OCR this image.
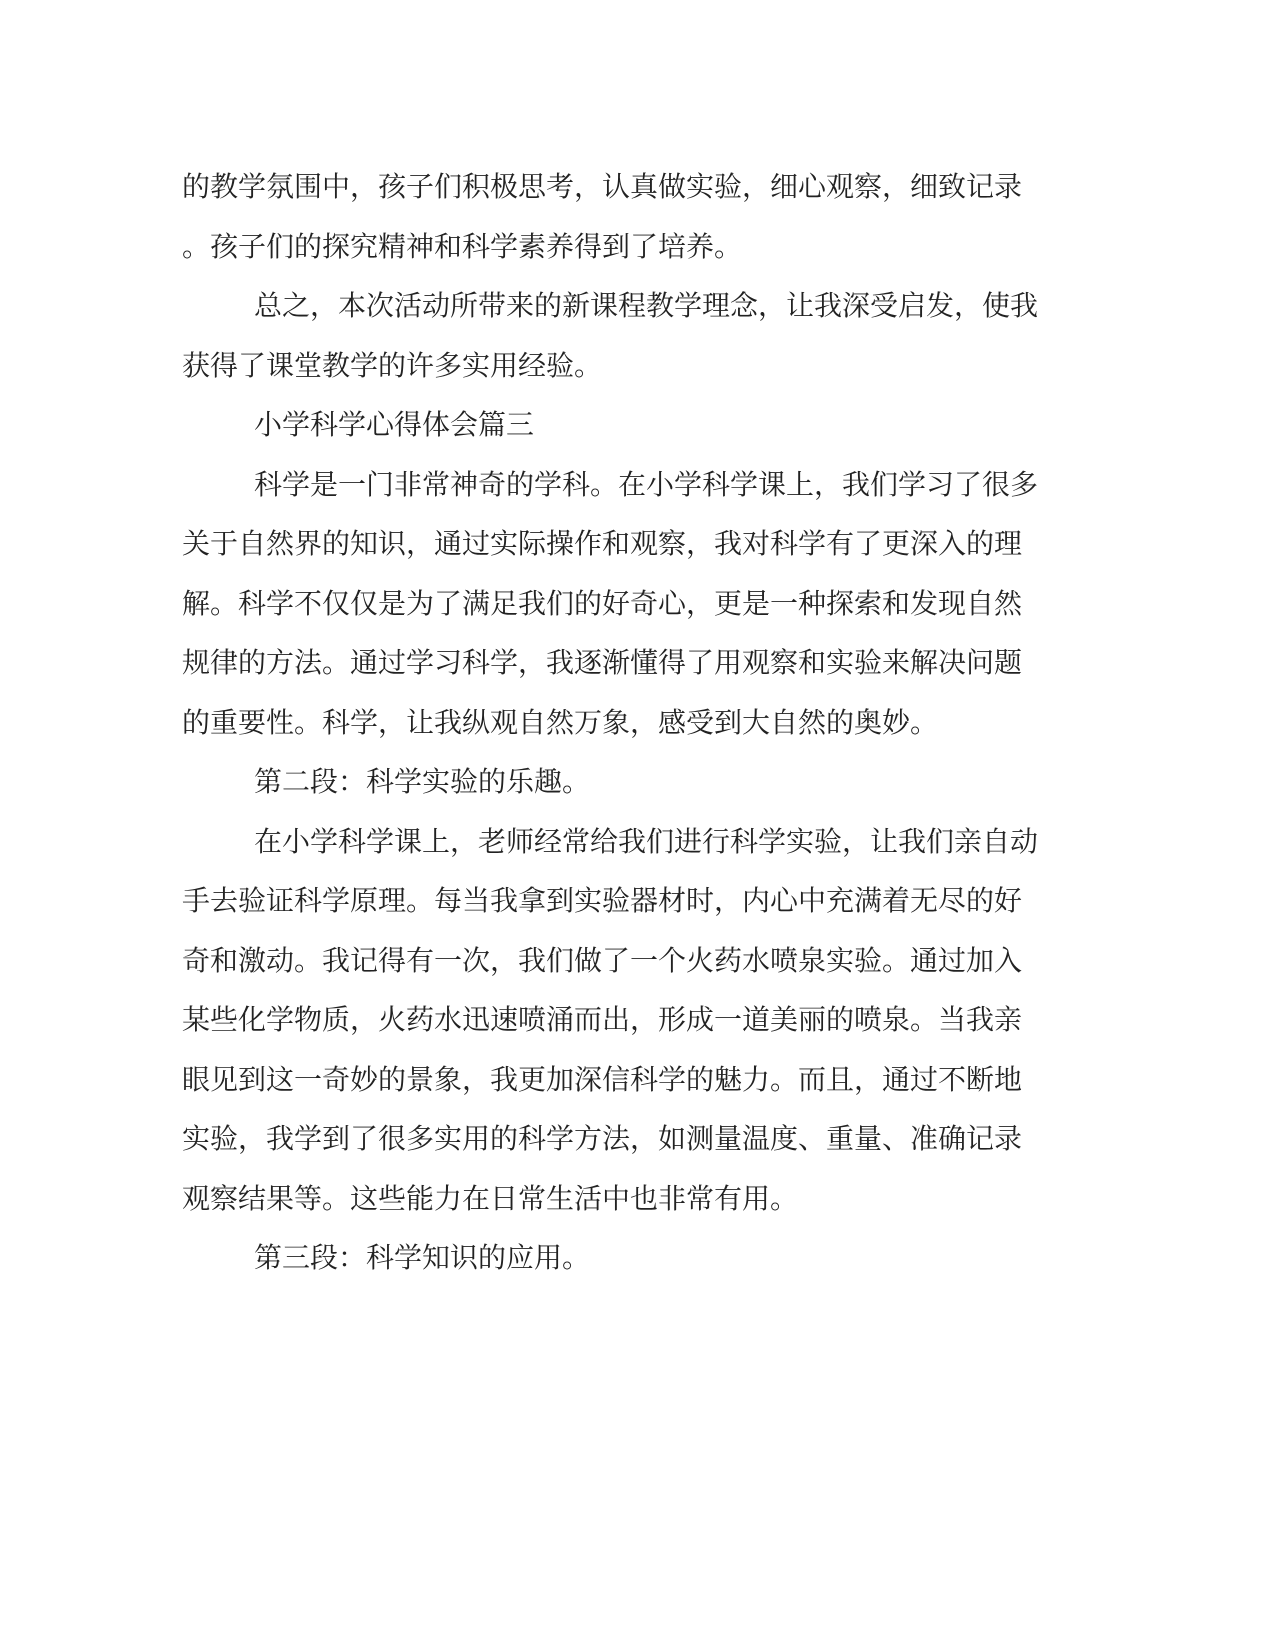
的教学氛围中，孩子们积极思考，认真做实验，细心观察，细致记录
。孩子们的探究精神和科学素养得到了培养。
总之，本次活动所带来的新课程教学理念，让我深受启发，使我
获得了课堂教学的许多实用经验。
小学科学心得体会篇三
科学是一门非常神奇的学科。在小学科学课上，我们学习了很多
关于自然界的知识，通过实际操作和观察，我对科学有了更深入的理
解。科学不仅仅是为了满足我们的好奇心，更是一种探索和发现自然
规律的方法。通过学习科学，我逐渐懂得了用观察和实验来解决问题
的重要性。科学，让我纵观自然万象，感受到大自然的奥妙。
第二段：科学实验的乐趣。
在小学科学课上，老师经常给我们进行科学实验，让我们亲自动
手去验证科学原理。每当我拿到实验器材时，内心中充满着无尽的好
奇和激动。我记得有一次，我们做了一个火药水喷泉实验。通过加入
某些化学物质，火药水迅速喷涌而出，形成一道美丽的喷泉。当我亲
眼见到这一奇妙的景象，我更加深信科学的魅力。而且，通过不断地
实验，我学到了很多实用的科学方法，如测量温度、重量、准确记录
观察结果等。这些能力在日常生活中也非常有用。
第三段：科学知识的应用。
